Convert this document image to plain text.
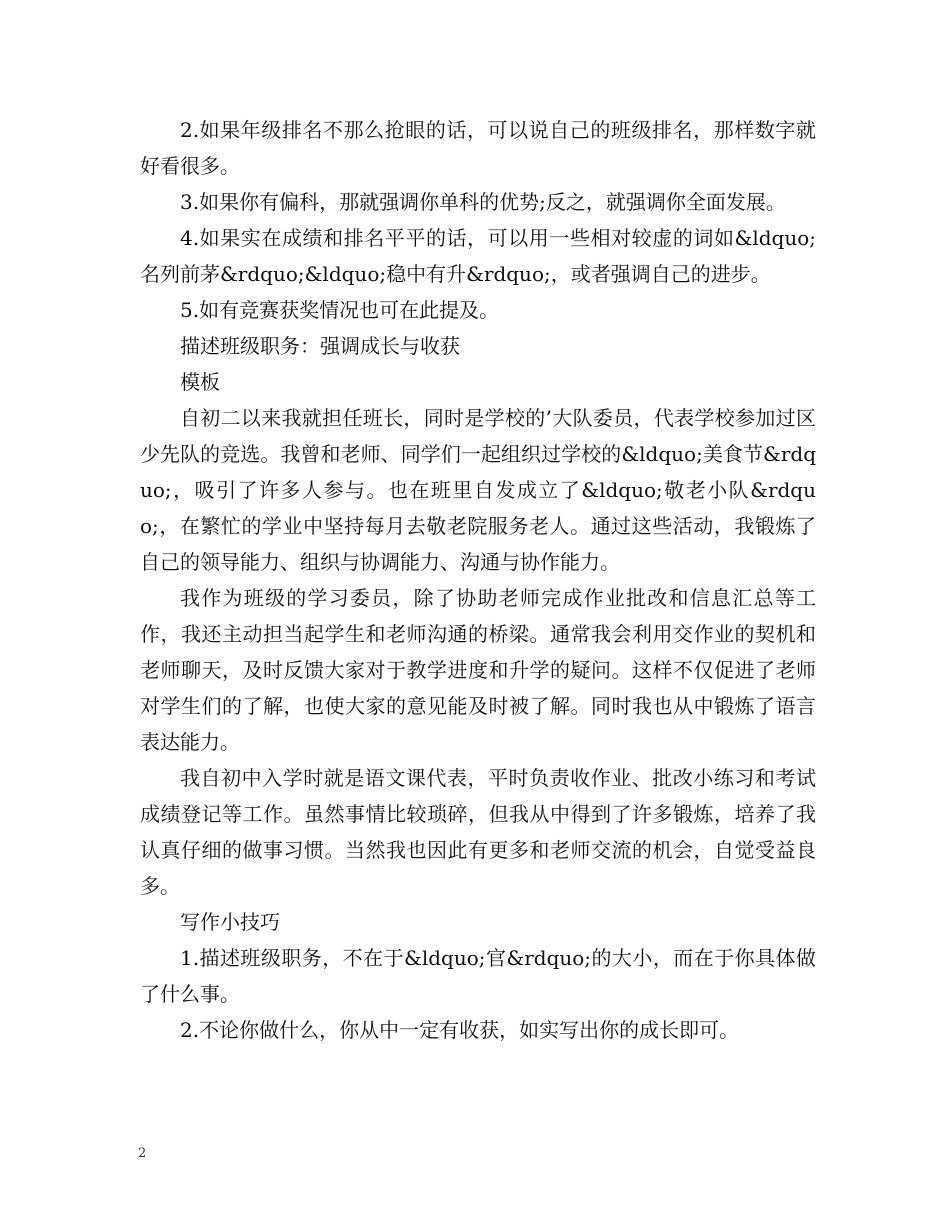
2.如果年级排名不那么抢眼的话，可以说自己的班级排名，那样数字就好看很多。

3.如果你有偏科，那就强调你单科的优势;反之，就强调你全面发展。

4.如果实在成绩和排名平平的话，可以用一些相对较虚的词如&ldquo;名列前茅&rdquo;&ldquo;稳中有升&rdquo;，或者强调自己的进步。

5.如有竞赛获奖情况也可在此提及。

描述班级职务：强调成长与收获

模板

自初二以来我就担任班长，同时是学校的’大队委员，代表学校参加过区少先队的竞选。我曾和老师、同学们一起组织过学校的&ldquo;美食节&rdquo;，吸引了许多人参与。也在班里自发成立了&ldquo;敬老小队&rdquo;，在繁忙的学业中坚持每月去敬老院服务老人。通过这些活动，我锻炼了自己的领导能力、组织与协调能力、沟通与协作能力。

我作为班级的学习委员，除了协助老师完成作业批改和信息汇总等工作，我还主动担当起学生和老师沟通的桥梁。通常我会利用交作业的契机和老师聊天，及时反馈大家对于教学进度和升学的疑问。这样不仅促进了老师对学生们的了解，也使大家的意见能及时被了解。同时我也从中锻炼了语言表达能力。

我自初中入学时就是语文课代表，平时负责收作业、批改小练习和考试成绩登记等工作。虽然事情比较琐碎，但我从中得到了许多锻炼，培养了我认真仔细的做事习惯。当然我也因此有更多和老师交流的机会，自觉受益良多。

写作小技巧

1.描述班级职务，不在于&ldquo;官&rdquo;的大小，而在于你具体做了什么事。

2.不论你做什么，你从中一定有收获，如实写出你的成长即可。

2
